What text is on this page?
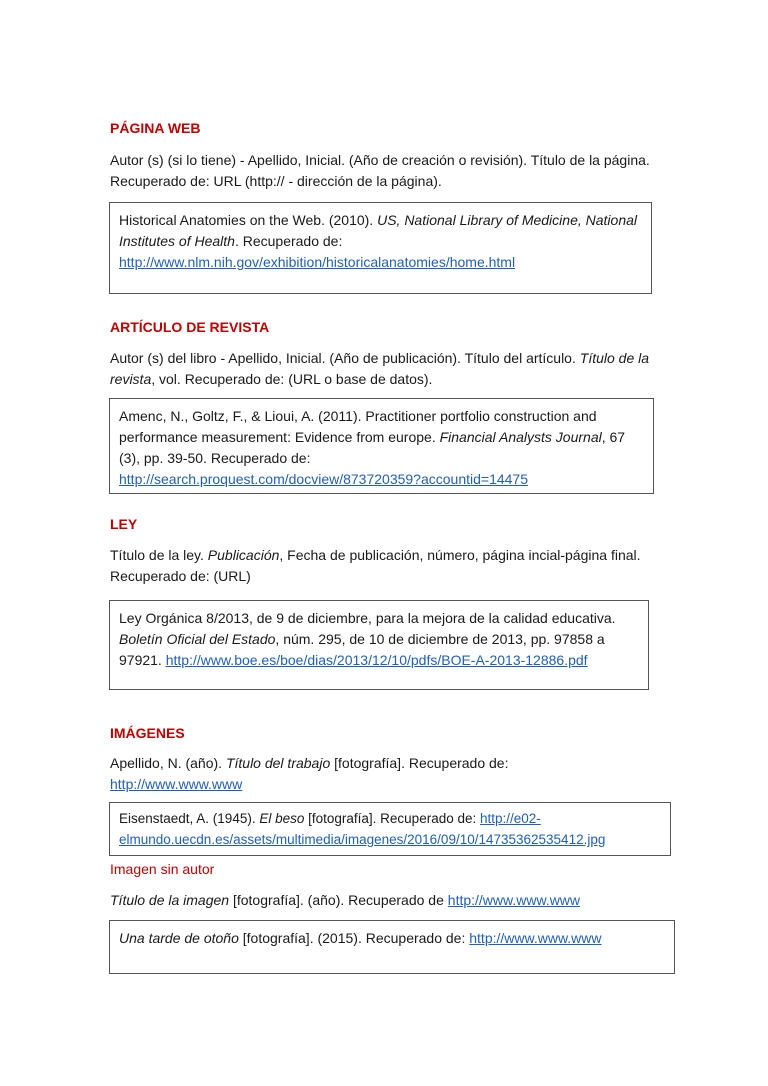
PÁGINA WEB
Autor (s) (si lo tiene) - Apellido, Inicial. (Año de creación o revisión). Título de la página.
Recuperado de: URL (http:// - dirección de la página).
Historical Anatomies on the Web. (2010). US, National Library of Medicine, National Institutes of Health. Recuperado de:
http://www.nlm.nih.gov/exhibition/historicalanatomies/home.html
ARTÍCULO DE REVISTA
Autor (s) del libro - Apellido, Inicial. (Año de publicación). Título del artículo. Título de la revista, vol. Recuperado de: (URL o base de datos).
Amenc, N., Goltz, F., & Lioui, A. (2011). Practitioner portfolio construction and performance measurement: Evidence from europe. Financial Analysts Journal, 67 (3), pp. 39-50. Recuperado de:
http://search.proquest.com/docview/873720359?accountid=14475
LEY
Título de la ley. Publicación, Fecha de publicación, número, página incial-página final.
Recuperado de: (URL)
Ley Orgánica 8/2013, de 9 de diciembre, para la mejora de la calidad educativa. Boletín Oficial del Estado, núm. 295, de 10 de diciembre de 2013, pp. 97858 a 97921. http://www.boe.es/boe/dias/2013/12/10/pdfs/BOE-A-2013-12886.pdf
IMÁGENES
Apellido, N. (año). Título del trabajo [fotografía]. Recuperado de:
http://www.www.www
Eisenstaedt, A. (1945). El beso [fotografía]. Recuperado de: http://e02-
elmundo.uecdn.es/assets/multimedia/imagenes/2016/09/10/14735362535412.jpg
Imagen sin autor
Título de la imagen [fotografía]. (año). Recuperado de http://www.www.www
Una tarde de otoño [fotografía]. (2015). Recuperado de: http://www.www.www
